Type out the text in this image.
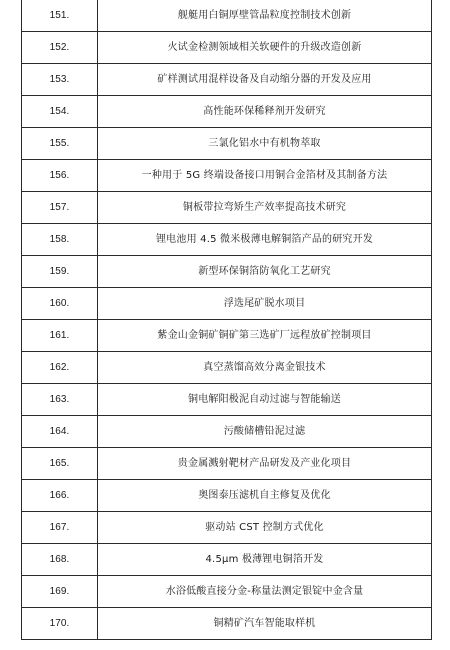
151.	舰艇用白铜厚壁管晶粒度控制技术创新
152.	火试金检测领域相关软硬件的升级改造创新
153.	矿样测试用混样设备及自动缩分器的开发及应用
154.	高性能环保稀释剂开发研究
155.	三氯化铝水中有机物萃取
156.	一种用于 5G 终端设备接口用铜合金箔材及其制备方法
157.	铜板带拉弯矫生产效率提高技术研究
158.	锂电池用 4.5 微米极薄电解铜箔产品的研究开发
159.	新型环保铜箔防氧化工艺研究
160.	浮选尾矿脱水项目
161.	紫金山金铜矿铜矿第三选矿厂远程放矿控制项目
162.	真空蒸馏高效分离金银技术
163.	铜电解阳极泥自动过滤与智能输送
164.	污酸储槽铅泥过滤
165.	贵金属溅射靶材产品研发及产业化项目
166.	奥图泰压滤机自主修复及优化
167.	驱动站 CST 控制方式优化
168.	4.5μm 极薄锂电铜箔开发
169.	水浴低酸直接分金-称量法测定银锭中金含量
170.	铜精矿汽车智能取样机
